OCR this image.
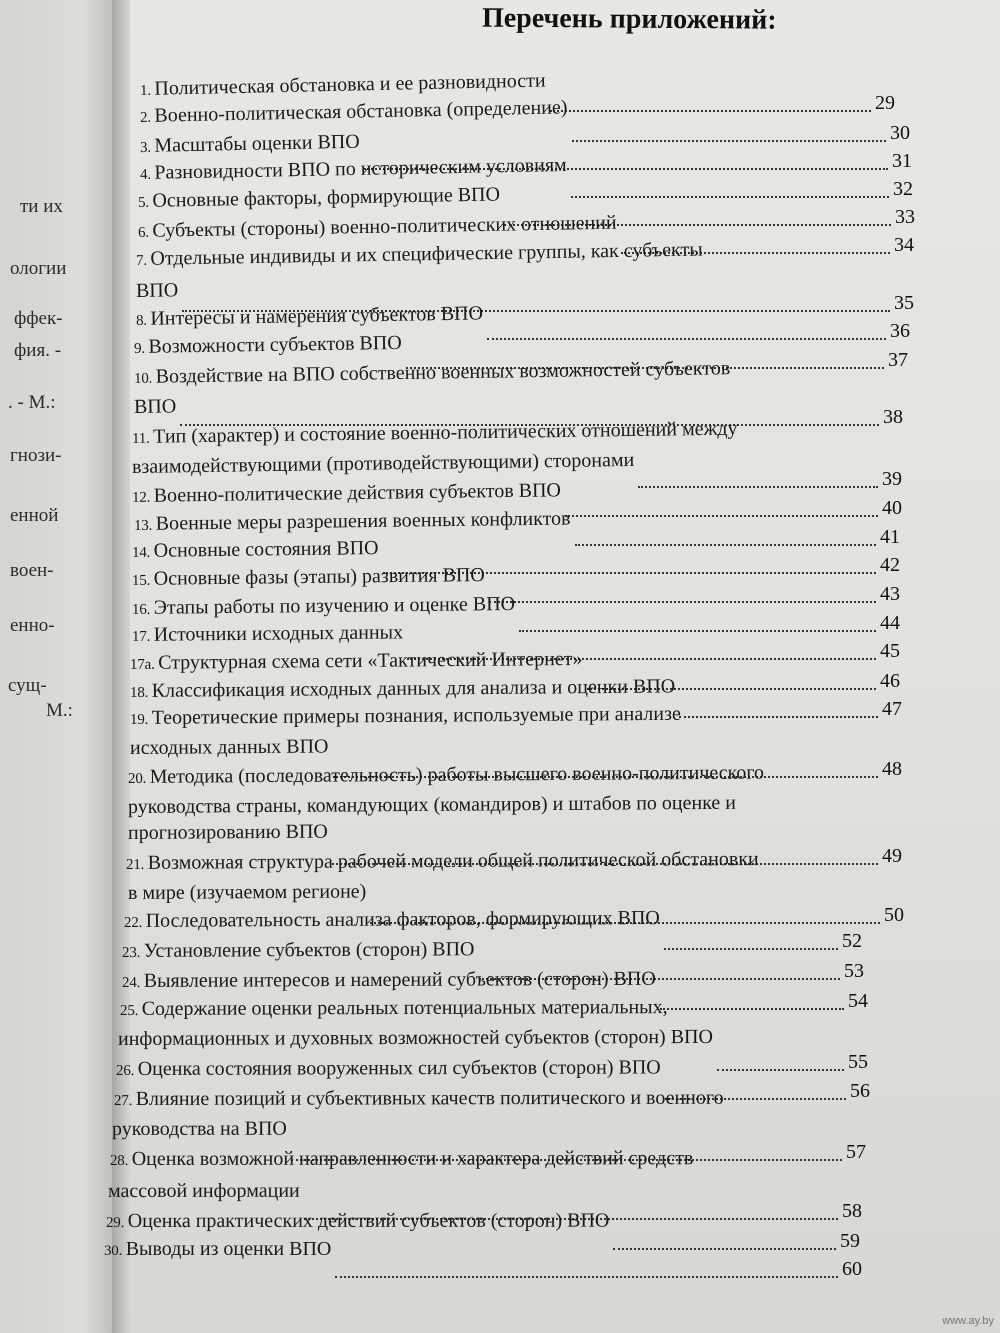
ти их
ологии
ффек-
фия. -
. - М.:
гнози-
енной
воен-
енно-
сущ-
М.:
Перечень приложений:
1. Политическая обстановка и ее разновидности
29
2. Военно-политическая обстановка (определение)
30
3. Масштабы оценки ВПО
31
4. Разновидности ВПО по историческим условиям
32
5. Основные факторы, формирующие ВПО
33
6. Субъекты (стороны) военно-политических отношений
34
7. Отдельные индивиды и их специфические группы, как субъекты
ВПО
35
8. Интересы и намерения субъектов ВПО
36
9. Возможности субъектов ВПО
37
10. Воздействие на ВПО собственно военных возможностей субъектов
ВПО	38
11. Тип (характер) и состояние военно-политических отношений между
взаимодействующими (противодействующими) сторонами
39
12. Военно-политические действия субъектов ВПО
40
13. Военные меры разрешения военных конфликтов
41
14. Основные состояния ВПО
42
15. Основные фазы (этапы) развития ВПО
43
16. Этапы работы по изучению и оценке ВПО
44
17. Источники исходных данных
45
17а. Структурная схема сети «Тактический Интернет»
46
18. Классификация исходных данных для анализа и оценки ВПО
47
19. Теоретические примеры познания, используемые при анализе
исходных данных ВПО
48
20. Методика (последовательность) работы высшего военно-политического
руководства страны, командующих (командиров) и штабов по оценке и
прогнозированию ВПО
49
21. Возможная структура рабочей модели общей политической обстановки
в мире (изучаемом регионе)
50
22. Последовательность анализа факторов, формирующих ВПО
52
23. Установление субъектов (сторон) ВПО
53
24. Выявление интересов и намерений субъектов (сторон) ВПО
54
25. Содержание оценки реальных потенциальных материальных,
информационных и духовных возможностей субъектов (сторон) ВПО
55
26. Оценка состояния вооруженных сил субъектов (сторон) ВПО
56
27. Влияние позиций и субъективных качеств политического и военного
руководства на ВПО
57
28. Оценка возможной направленности и характера действий средств
массовой информации
58
29. Оценка практических действий субъектов (сторон) ВПО
59
30. Выводы из оценки ВПО
60
www.ay.by
